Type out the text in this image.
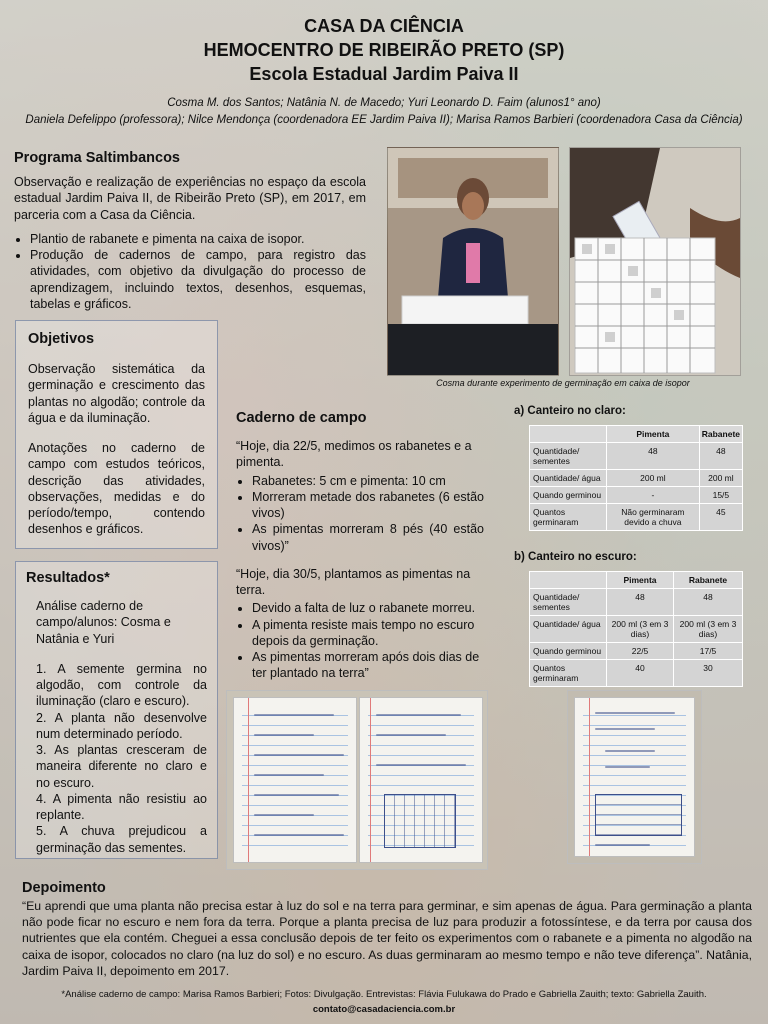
CASA DA CIÊNCIA
HEMOCENTRO DE RIBEIRÃO PRETO (SP)
Escola Estadual Jardim Paiva II
Cosma M. dos Santos; Natânia N. de Macedo; Yuri Leonardo D. Faim (alunos1° ano)
Daniela Defelippo (professora); Nilce Mendonça (coordenadora EE Jardim Paiva II); Marisa Ramos Barbieri (coordenadora Casa da Ciência)
Programa Saltimbancos
Observação e realização de experiências no espaço da escola estadual Jardim Paiva II, de Ribeirão Preto (SP), em 2017, em parceria com a Casa da Ciência.
• Plantio de rabanete e pimenta na caixa de isopor.
• Produção de cadernos de campo, para registro das atividades, com objetivo da divulgação do processo de aprendizagem, incluindo textos, desenhos, esquemas, tabelas e gráficos.
Cosma durante experimento de germinação em caixa de isopor
Objetivos
Observação sistemática da germinação e crescimento das plantas no algodão; controle da água e da iluminação.
Anotações no caderno de campo com estudos teóricos, descrição das atividades, observações, medidas e do período/tempo, contendo desenhos e gráficos.
Resultados*
Análise caderno de campo/alunos: Cosma e Natânia e Yuri
1. A semente germina no algodão, com controle da iluminação (claro e escuro).
2. A planta não desenvolve num determinado período.
3. As plantas cresceram de maneira diferente no claro e no escuro.
4. A pimenta não resistiu ao replante.
5. A chuva prejudicou a germinação das sementes.
Caderno de campo
“Hoje, dia 22/5, medimos os rabanetes e a pimenta.
• Rabanetes: 5 cm e pimenta: 10 cm
• Morreram metade dos rabanetes (6 estão vivos)
• As pimentas morreram 8 pés (40 estão vivos)”
“Hoje, dia 30/5, plantamos as pimentas na terra.
• Devido a falta de luz o rabanete morreu.
• A pimenta resiste mais tempo no escuro depois da germinação.
• As pimentas morreram após dois dias de ter plantado na terra”
a) Canteiro no claro:
	Pimenta	Rabanete
Quantidade/ sementes	48	48
Quantidade/ água	200 ml	200 ml
Quando germinou	-	15/5
Quantos germinaram	Não germinaram devido a chuva	45
b) Canteiro no escuro:
	Pimenta	Rabanete
Quantidade/ sementes	48	48
Quantidade/ água	200 ml (3 em 3 dias)	200 ml (3 em 3 dias)
Quando germinou	22/5	17/5
Quantos germinaram	40	30
Depoimento
“Eu aprendi que uma planta não precisa estar à luz do sol e na terra para germinar, e sim apenas de água. Para germinação a planta não pode ficar no escuro e nem fora da terra. Porque a planta precisa de luz para produzir a fotossíntese, e da terra por causa dos nutrientes que ela contém. Cheguei a essa conclusão depois de ter feito os experimentos com o rabanete e a pimenta no algodão na caixa de isopor, colocados no claro (na luz do sol) e no escuro. As duas germinaram ao mesmo tempo e não teve diferença”. Natânia, Jardim Paiva II, depoimento em 2017.
*Análise caderno de campo: Marisa Ramos Barbieri; Fotos: Divulgação. Entrevistas: Flávia Fulukawa do Prado e Gabriella Zauith; texto: Gabriella Zauith.
contato@casadaciencia.com.br
